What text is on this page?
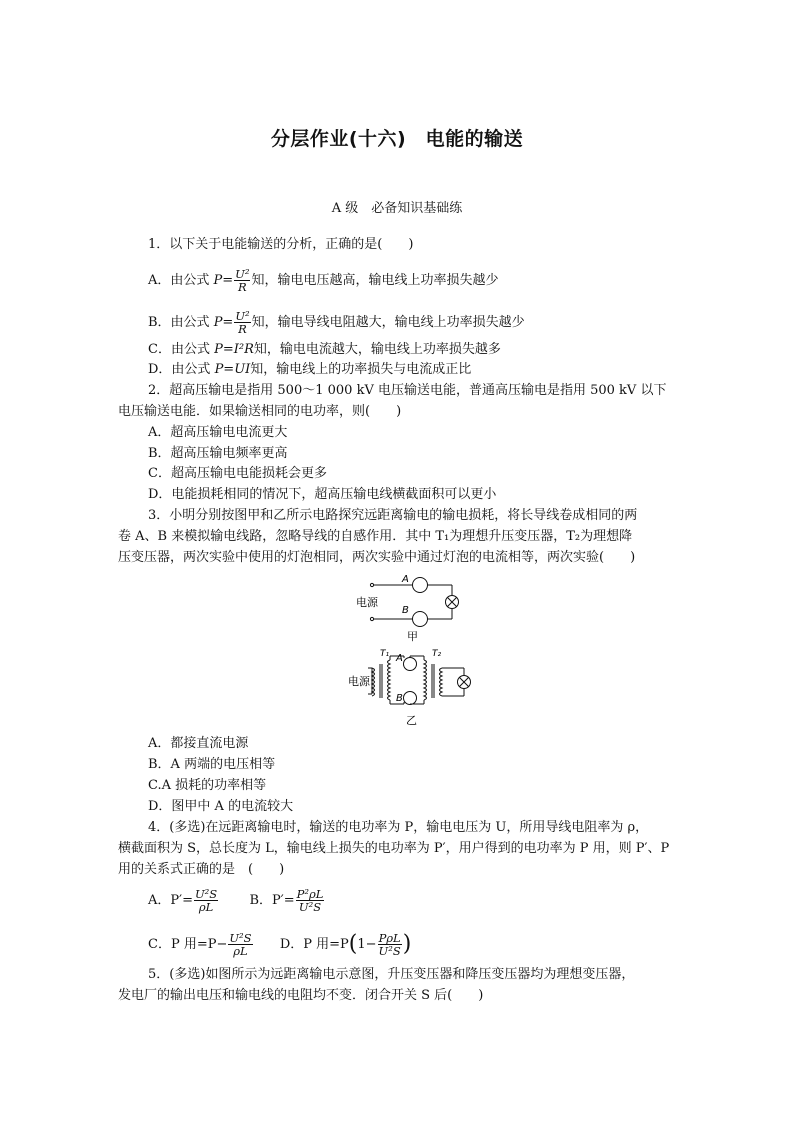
分层作业(十六)　电能的输送
A 级　必备知识基础练
1．以下关于电能输送的分析，正确的是(　　)
A．由公式 $P= \frac{\text{U²}}{R}$ 知，输电电压越高，输电线上功率损失越少
B．由公式 $P= \frac{\text{U²}}{R}$ 知，输电导线电阻越大，输电线上功率损失越少
C．由公式 P=I²R知，输电电流越大，输电线上功率损失越多
D．由公式 P=UI知，输电线上的功率损失与电流成正比
2．超高压输电是指用 500～1 000 kV 电压输送电能，普通高压输电是指用 500 kV 以下
电压输送电能．如果输送相同的电功率，则(　　)
A．超高压输电电流更大
B．超高压输电频率更高
C．超高压输电电能损耗会更多
D．电能损耗相同的情况下，超高压输电线横截面积可以更小
3．小明分别按图甲和乙所示电路探究远距离输电的输电损耗，将长导线卷成相同的两
卷 A、B 来模拟输电线路，忽略导线的自感作用．其中 T₁为理想升压变压器，T₂为理想降
压变压器，两次实验中使用的灯泡相同，两次实验中通过灯泡的电流相等，两次实验(　　)
A
B
电源
甲
电源
T₁	T₂
A
B
乙
A．都接直流电源
B．A 两端的电压相等
C.A 损耗的功率相等
D．图甲中 A 的电流较大
4．(多选)在远距离输电时，输送的电功率为 P，输电电压为 U，所用导线电阻率为 ρ，
横截面积为 S，总长度为 L，输电线上损失的电功率为 P′，用户得到的电功率为 P 用，则 P′、P
用的关系式正确的是　(　　)
A．$P'= \frac{\text{U²S}}{\rho L}$ B．$P'= \frac{\text{P²ρL}}{\text{U²S}}$
C．P 用$=P- \frac{\text{U²S}}{\rho L}$ D．P 用$=P(1- \frac{\text{PρL}}{\text{U²S}}$ )
5．(多选)如图所示为远距离输电示意图，升压变压器和降压变压器均为理想变压器，
发电厂的输出电压和输电线的电阻均不变．闭合开关 S 后(　　)
